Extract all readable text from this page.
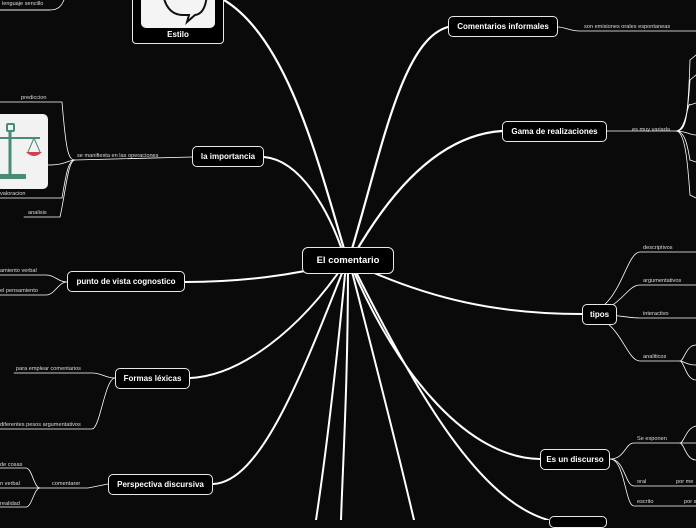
Estilo
El comentario
Comentarios informales
Gama de realizaciones
la importancia
tipos
punto de vista cognostico
Formas léxicas
Perspectiva discursiva
Es un discurso
lenguaje sencillo
son emisiones orales espontaneas
es muy variada
se manifiesta en las operaciones
prediccion
valoracion
analisis
descriptivos
argumentativos
interactivo
analiticos
amiento verbal
el pensamiento
para emplear comentarios
diferentes pesos argumentativos
de cosas
comentarer
n verbal
realidad
Se exponen
oral
escrito
por me
por s
